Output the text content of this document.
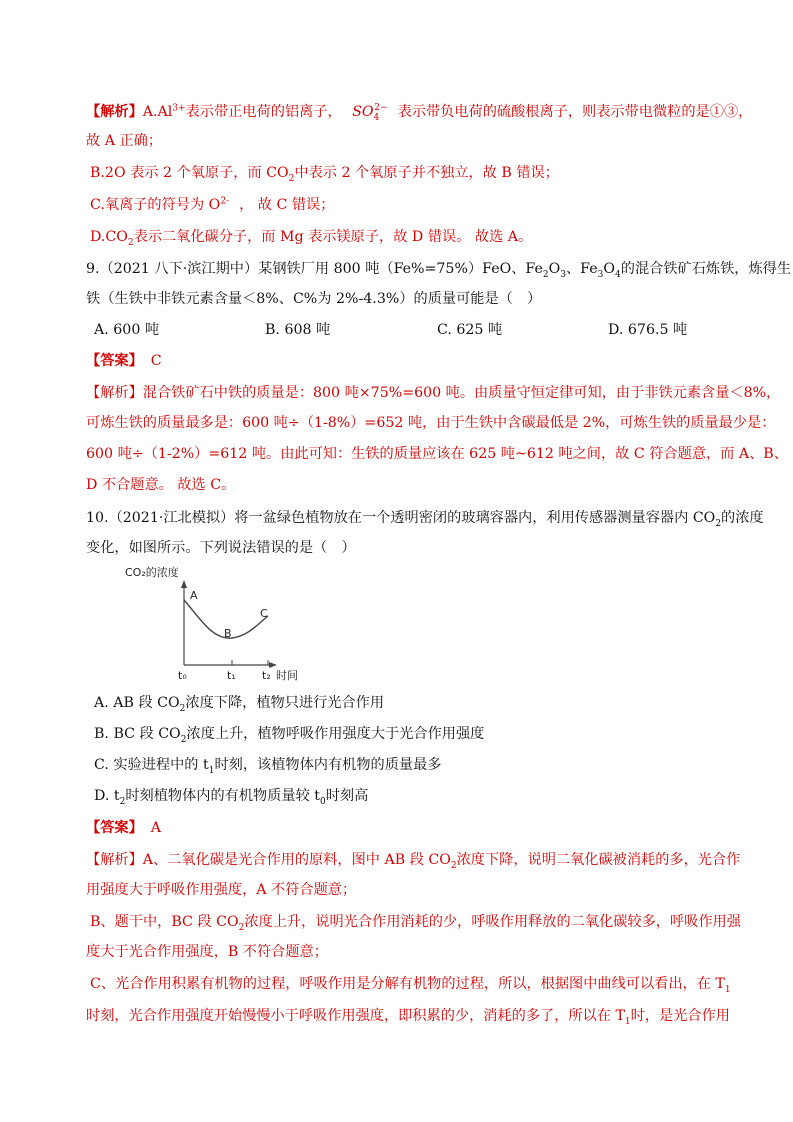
【解析】$A.Al^{3+}$表示带正电荷的铝离子， $SO_4^{2-}$ 表示带负电荷的硫酸根离子，则表示带电微粒的是①③，
故 A 正确；
B.2O 表示 2 个氧原子，而 $CO_2$中表示 2 个氧原子并不独立，故 B 错误；
C.氧离子的符号为 $O^{2-}$ ， 故 C 错误；
$D.CO_2$表示二氧化碳分子，而 Mg 表示镁原子，故 D 错误。 故选 A。
9.（2021 八下·滨江期中）某钢铁厂用 800 吨（Fe%=75%）FeO、$Fe_2O_3$、$Fe_3O_4$的混合铁矿石炼铁，炼得生
铁（生铁中非铁元素含量＜8%、C%为 2%-4.3%）的质量可能是（　）
A. 600 吨	B. 608 吨	C. 625 吨	D. 676.5 吨
【答案】 C
【解析】混合铁矿石中铁的质量是：800 吨×75%=600 吨。由质量守恒定律可知，由于非铁元素含量＜8%，
可炼生铁的质量最多是：600 吨÷（1-8%）=652 吨，由于生铁中含碳最低是 2%，可炼生铁的质量最少是：
600 吨÷（1-2%）=612 吨。由此可知：生铁的质量应该在 625 吨~612 吨之间，故 C 符合题意，而 A、B、
D 不合题意。 故选 C。
10.（2021·江北模拟）将一盆绿色植物放在一个透明密闭的玻璃容器内，利用传感器测量容器内 $CO_2$的浓度
变化，如图所示。下列说法错误的是（　）
CO₂的浓度
A
B
C
t₀	t₁ t₂ 时间
A. AB 段 $CO_2$浓度下降，植物只进行光合作用
B. BC 段 $CO_2$浓度上升，植物呼吸作用强度大于光合作用强度
C. 实验进程中的 $t_1$时刻，该植物体内有机物的质量最多
D. $t_2$时刻植物体内的有机物质量较 $t_0$时刻高
【答案】 A
【解析】A、二氧化碳是光合作用的原料，图中 AB 段 $CO_2$浓度下降，说明二氧化碳被消耗的多，光合作
用强度大于呼吸作用强度，A 不符合题意；
B、题干中，BC 段 $CO_2$浓度上升，说明光合作用消耗的少，呼吸作用释放的二氧化碳较多，呼吸作用强
度大于光合作用强度，B 不符合题意；
C、光合作用积累有机物的过程，呼吸作用是分解有机物的过程，所以，根据图中曲线可以看出，在 $T_1$
时刻，光合作用强度开始慢慢小于呼吸作用强度，即积累的少，消耗的多了，所以在 $T_1$时，是光合作用
